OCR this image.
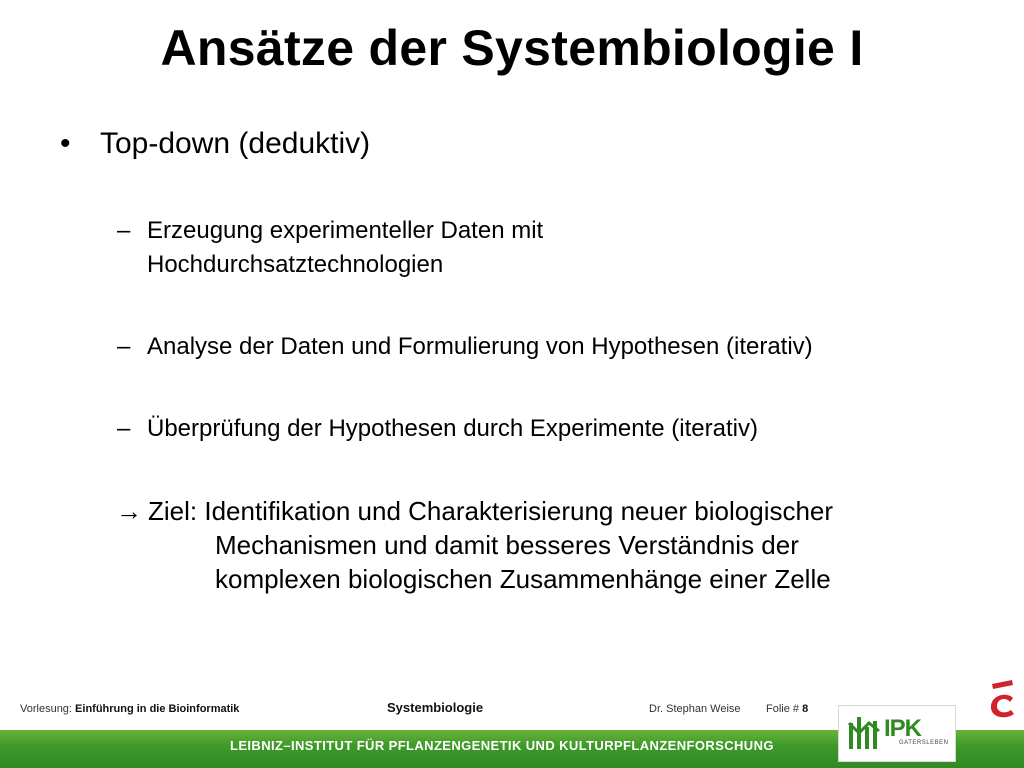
Ansätze der Systembiologie I
• Top-down (deduktiv)
– Erzeugung experimenteller Daten mit
Hochdurchsatztechnologien
– Analyse der Daten und Formulierung von Hypothesen (iterativ)
– Überprüfung der Hypothesen durch Experimente (iterativ)
→ Ziel: Identifikation und Charakterisierung neuer biologischer
Mechanismen und damit besseres Verständnis der
komplexen biologischen Zusammenhänge einer Zelle
Vorlesung: Einführung in die Bioinformatik	Systembiologie	Dr. Stephan Weise Folie # 8
LEIBNIZ–INSTITUT FÜR PFLANZENGENETIK UND KULTURPFLANZENFORSCHUNG
IPK
GATERSLEBEN
